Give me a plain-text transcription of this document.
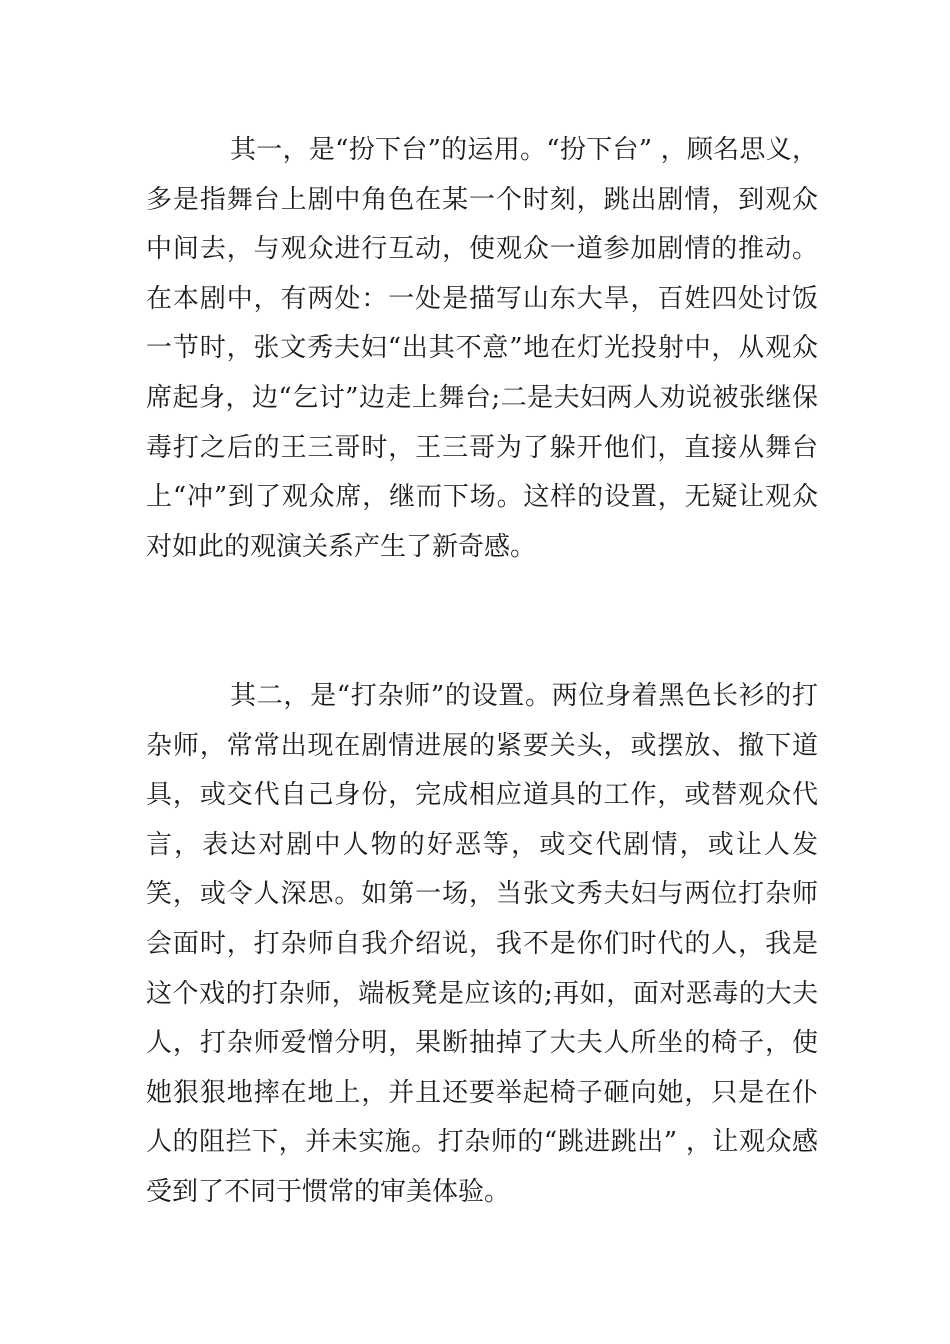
其一，是“扮下台”的运用。“扮下台” ，顾名思义，多是指舞台上剧中角色在某一个时刻，跳出剧情，到观众中间去，与观众进行互动，使观众一道参加剧情的推动。在本剧中，有两处：一处是描写山东大旱，百姓四处讨饭一节时，张文秀夫妇“出其不意”地在灯光投射中，从观众席起身，边“乞讨”边走上舞台;二是夫妇两人劝说被张继保毒打之后的王三哥时，王三哥为了躲开他们，直接从舞台上“冲”到了观众席，继而下场。这样的设置，无疑让观众对如此的观演关系产生了新奇感。

其二，是“打杂师”的设置。两位身着黑色长衫的打杂师，常常出现在剧情进展的紧要关头，或摆放、撤下道具，或交代自己身份，完成相应道具的工作，或替观众代言，表达对剧中人物的好恶等，或交代剧情，或让人发笑，或令人深思。如第一场，当张文秀夫妇与两位打杂师会面时，打杂师自我介绍说，我不是你们时代的人，我是这个戏的打杂师，端板凳是应该的;再如，面对恶毒的大夫人，打杂师爱憎分明，果断抽掉了大夫人所坐的椅子，使她狠狠地摔在地上，并且还要举起椅子砸向她，只是在仆人的阻拦下，并未实施。打杂师的“跳进跳出” ，让观众感受到了不同于惯常的审美体验。
